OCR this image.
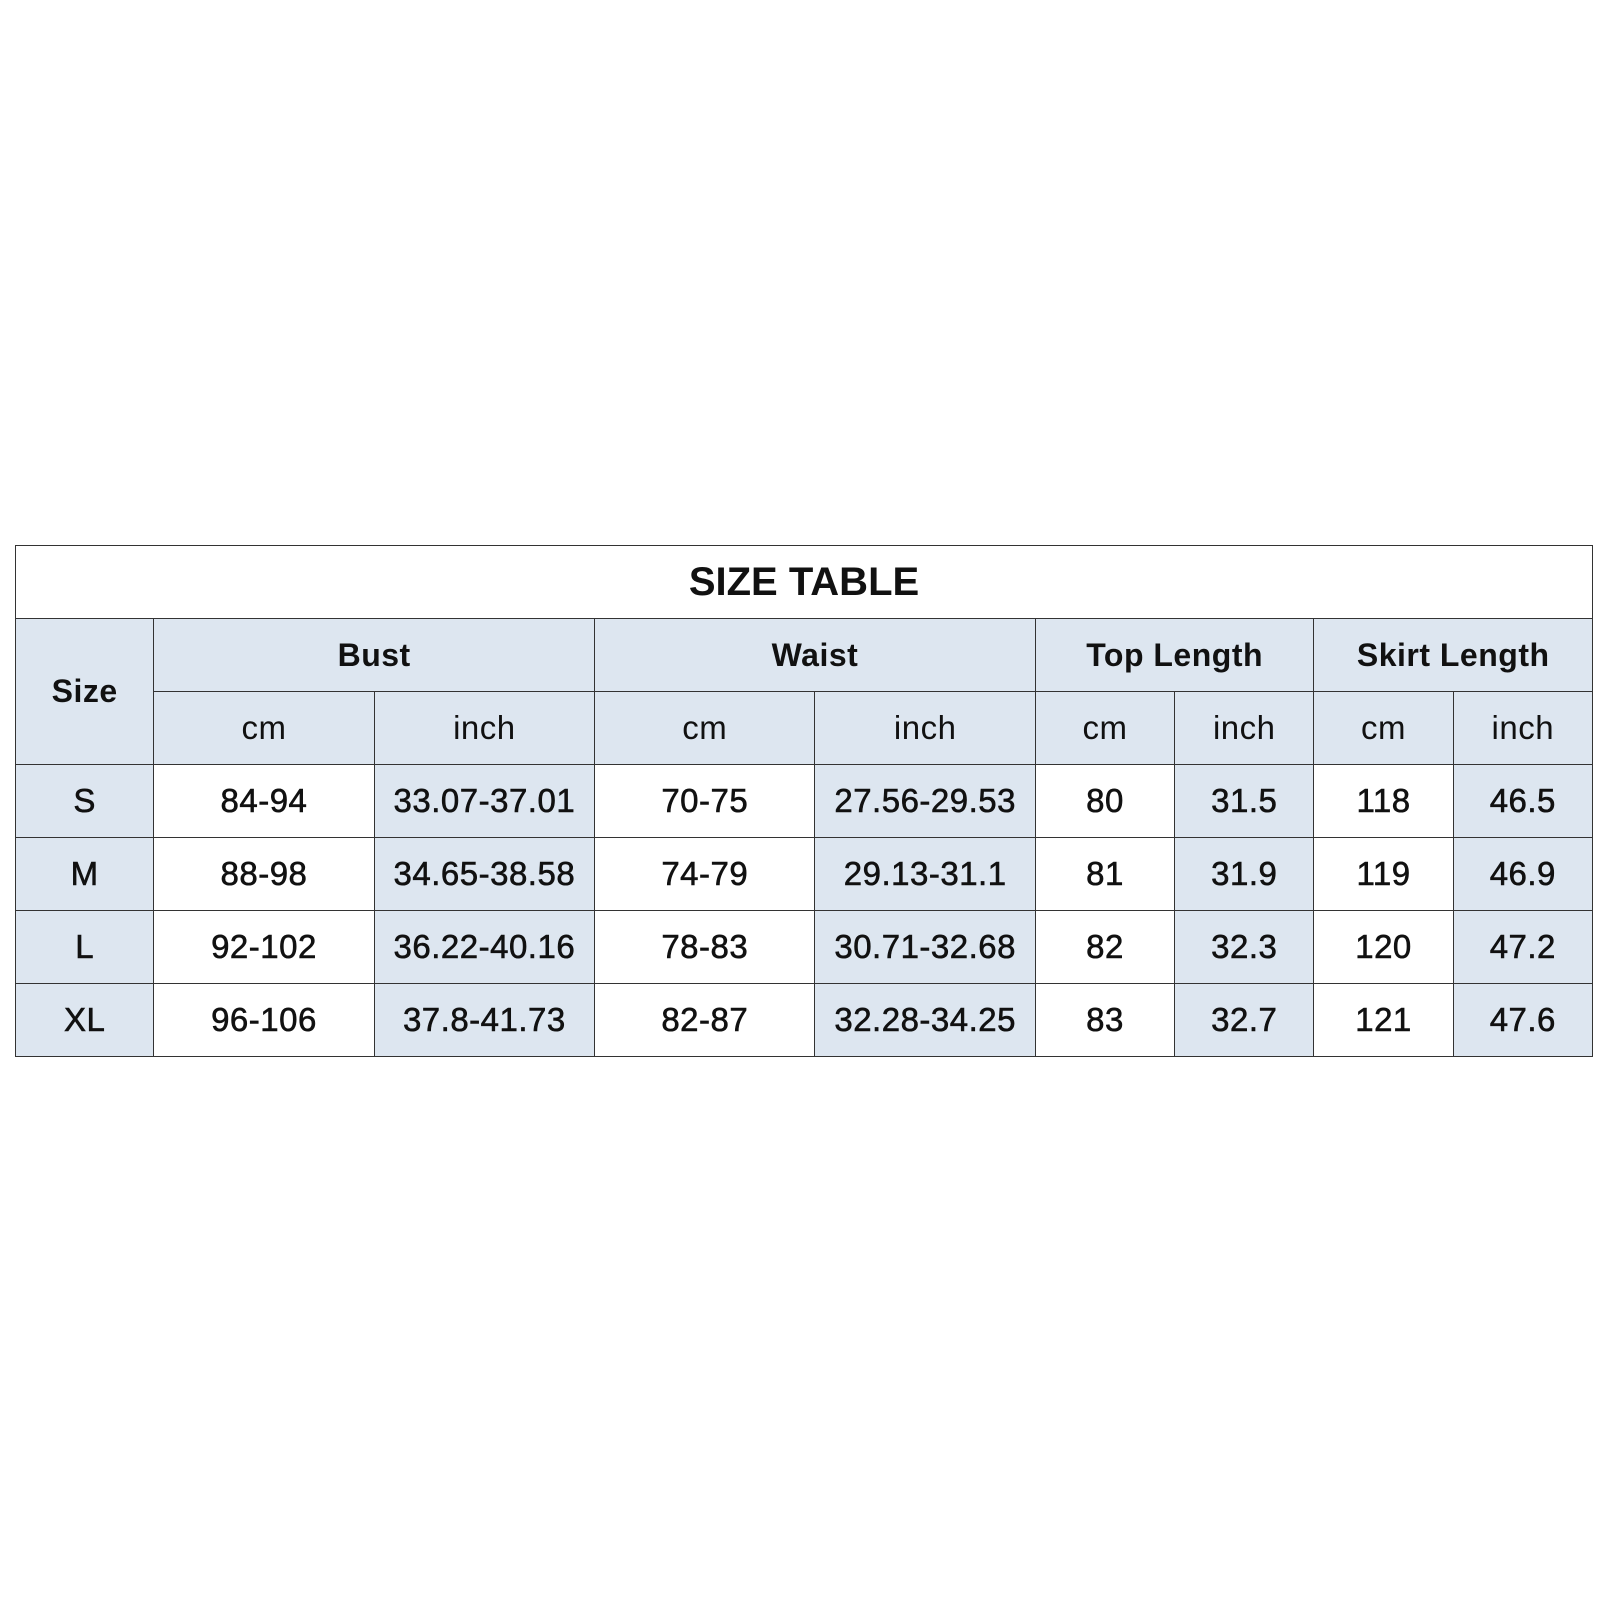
SIZE TABLE								
Size	Bust		Waist		Top Length		Skirt Length	
	cm	inch	cm	inch	cm	inch	cm	inch
S	84-94	33.07-37.01	70-75	27.56-29.53	80	31.5	118	46.5
M	88-98	34.65-38.58	74-79	29.13-31.1	81	31.9	119	46.9
L	92-102	36.22-40.16	78-83	30.71-32.68	82	32.3	120	47.2
XL	96-106	37.8-41.73	82-87	32.28-34.25	83	32.7	121	47.6
